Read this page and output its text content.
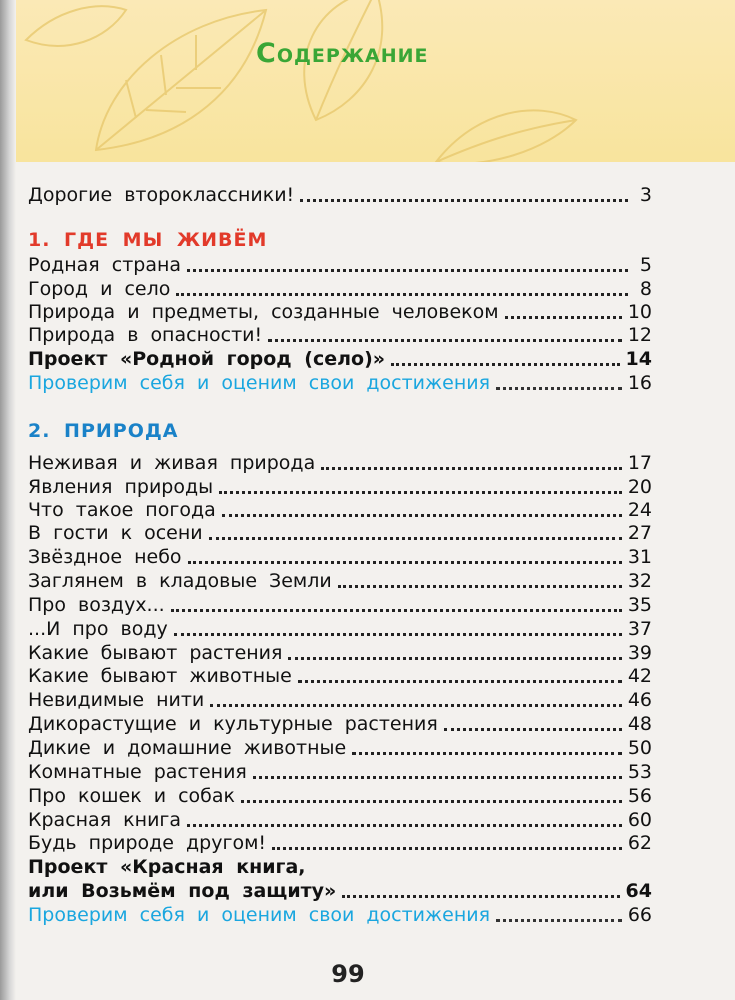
Содержание
Дорогие второклассники!	3
1. ГДЕ МЫ ЖИВЁМ
Родная страна	5
Город и село	8
Природа и предметы, созданные человеком	10
Природа в опасности!	12
Проект «Родной город (село)»	14
Проверим себя и оценим свои достижения	16
2. ПРИРОДА
Неживая и живая природа	17
Явления природы	20
Что такое погода	24
В гости к осени	27
Звёздное небо	31
Заглянем в кладовые Земли	32
Про воздух...	35
...И про воду	37
Какие бывают растения	39
Какие бывают животные	42
Невидимые нити	46
Дикорастущие и культурные растения	48
Дикие и домашние животные	50
Комнатные растения	53
Про кошек и собак	56
Красная книга	60
Будь природе другом!	62
Проект «Красная книга,
или Возьмём под защиту»	64
Проверим себя и оценим свои достижения	66
99
